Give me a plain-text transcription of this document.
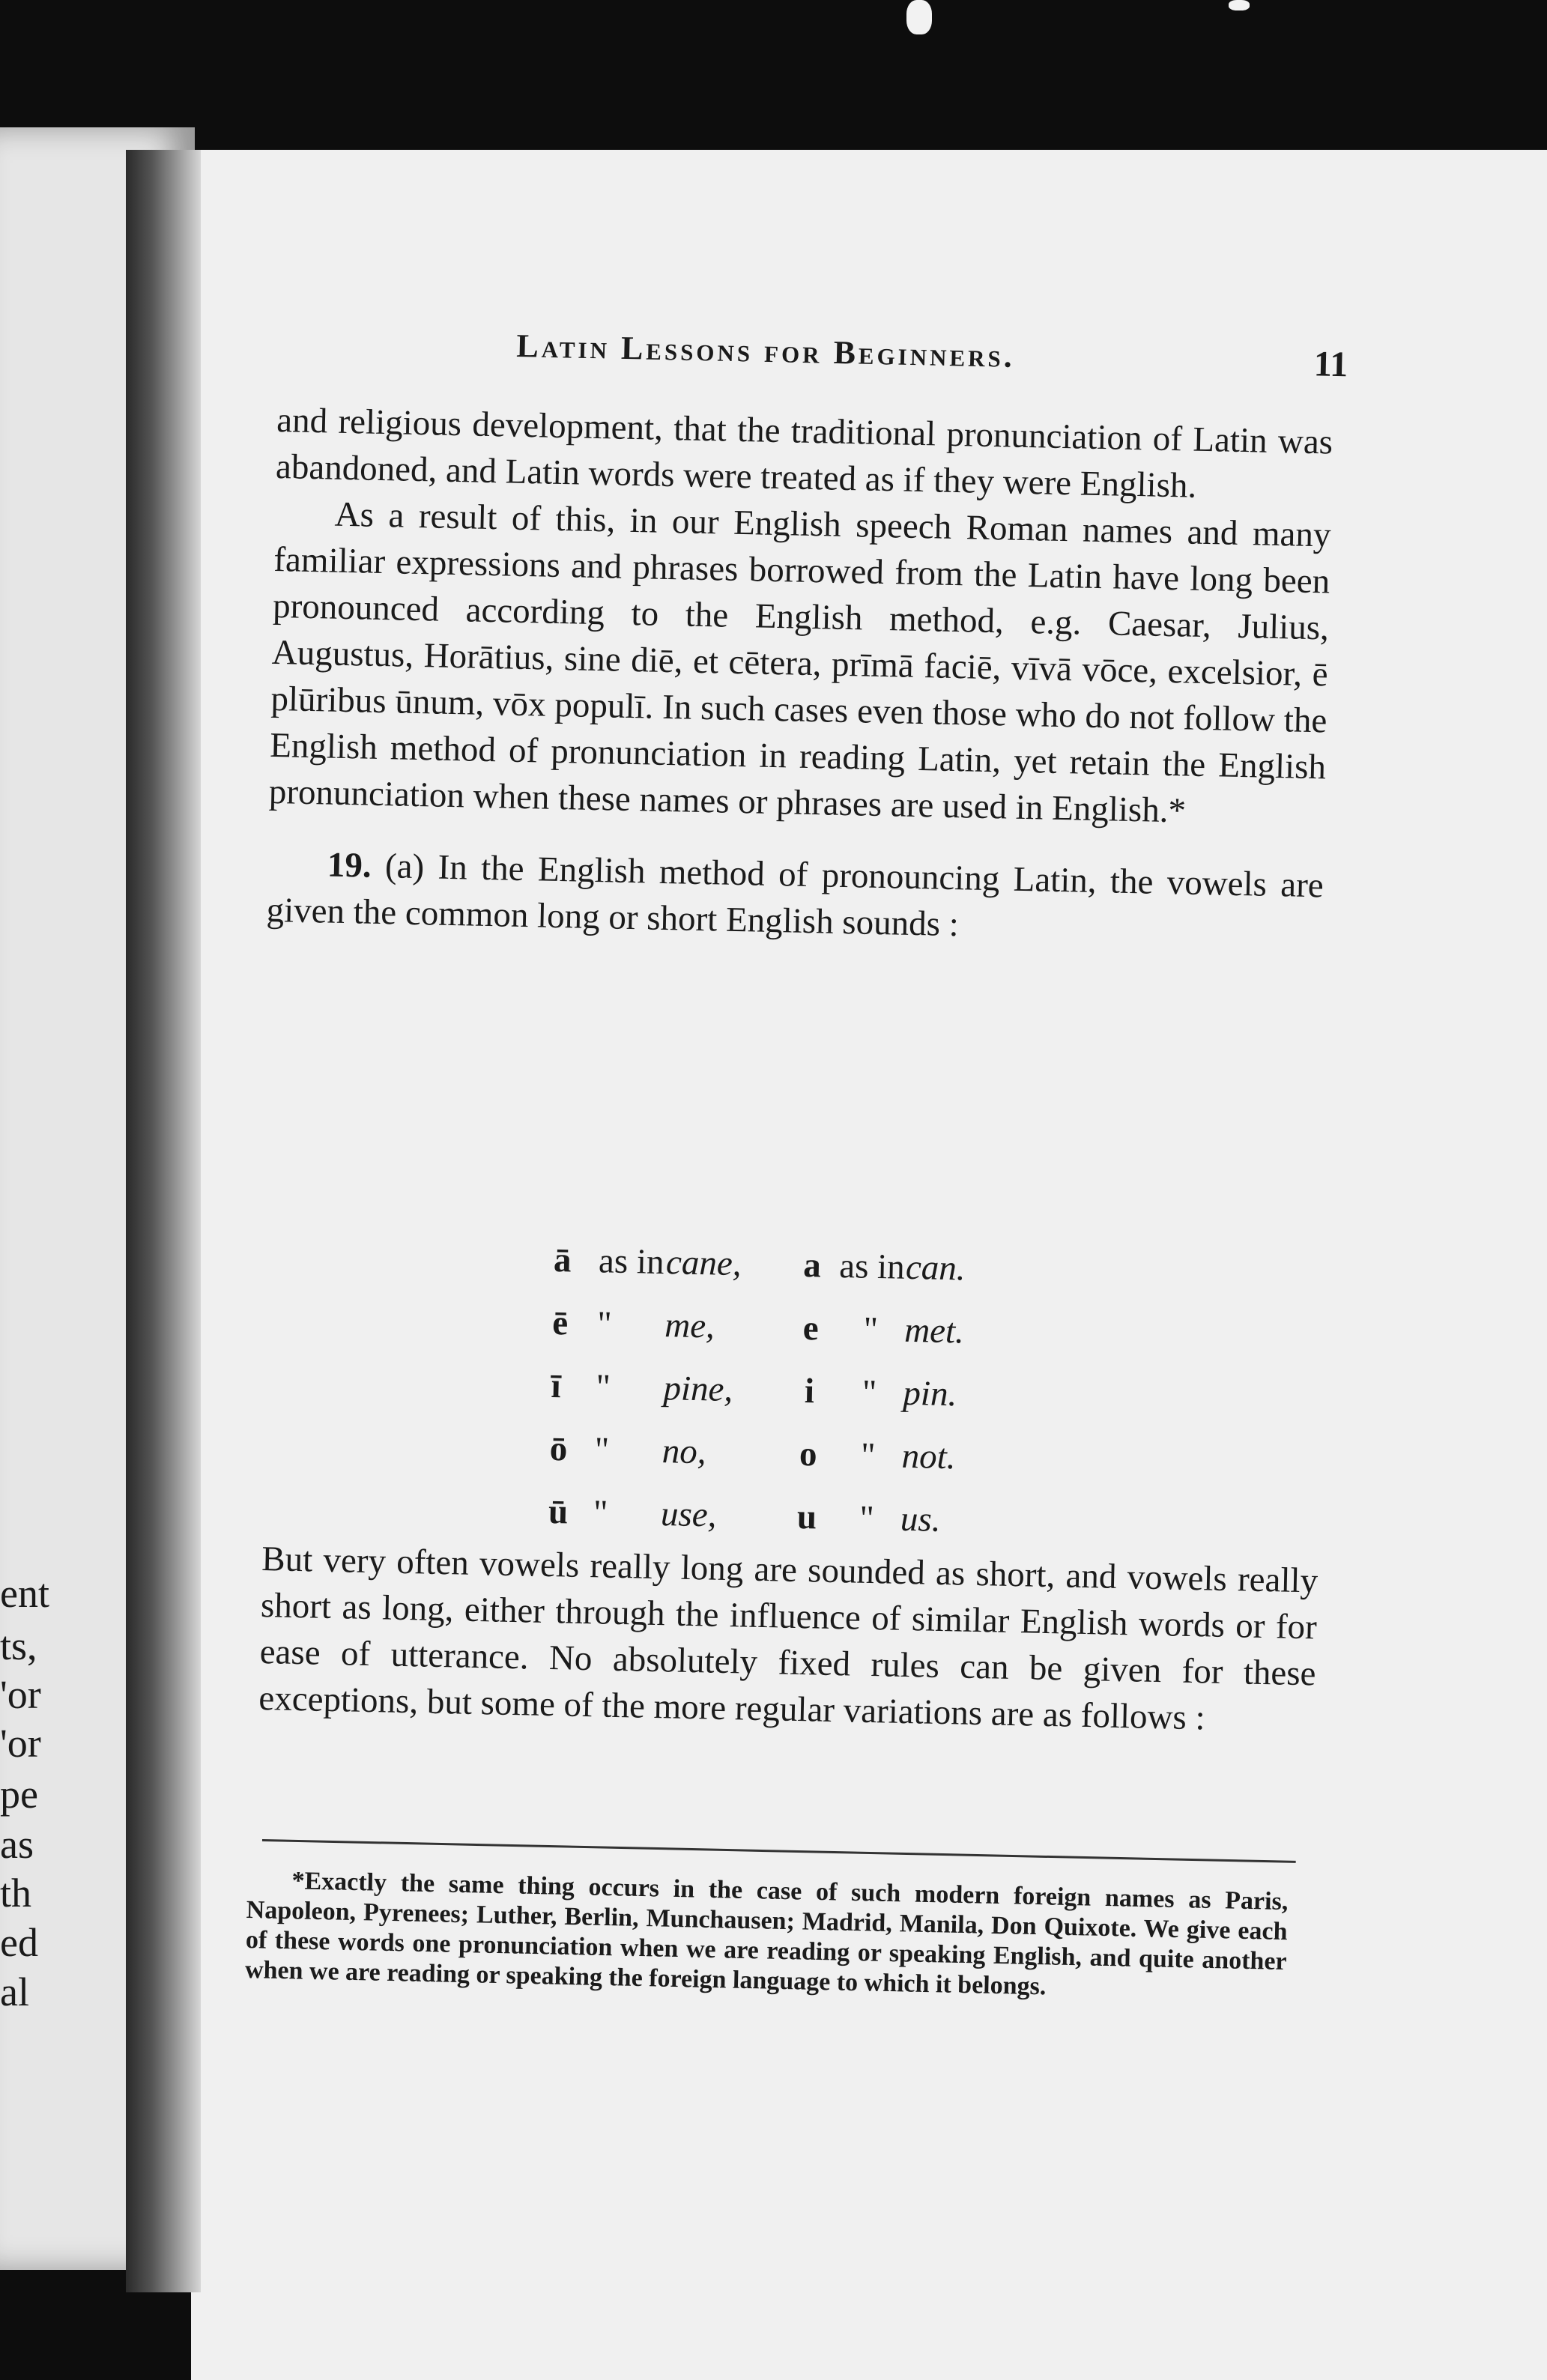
ent
ts,
'or
'or
pe
as
th
ed
al
Latin Lessons for Beginners.	11

and religious development, that the traditional pronunciation of Latin was abandoned, and Latin words were treated as if they were English.

As a result of this, in our English speech Roman names and many familiar expressions and phrases borrowed from the Latin have long been pronounced according to the English method, e.g. Caesar, Julius, Augustus, Horātius, sine diē, et cētera, prīmā faciē, vīvā vōce, excelsior, ē plūribus ūnum, vōx populī. In such cases even those who do not follow the English method of pronunciation in reading Latin, yet retain the English pronunciation when these names or phrases are used in English.*

19. (a) In the English method of pronouncing Latin, the vowels are given the common long or short English sounds :

ā as in cane,	a as in can.
ē "	me,	e	" met.
ī "	pine,	i	" pin.
ō "	no,	o	" not.
ū "	use,	u	" us.

But very often vowels really long are sounded as short, and vowels really short as long, either through the influence of similar English words or for ease of utterance. No absolutely fixed rules can be given for these exceptions, but some of the more regular variations are as follows :

*Exactly the same thing occurs in the case of such modern foreign names as Paris, Napoleon, Pyrenees; Luther, Berlin, Munchausen; Madrid, Manila, Don Quixote. We give each of these words one pronunciation when we are reading or speaking English, and quite another when we are reading or speaking the foreign language to which it belongs.
